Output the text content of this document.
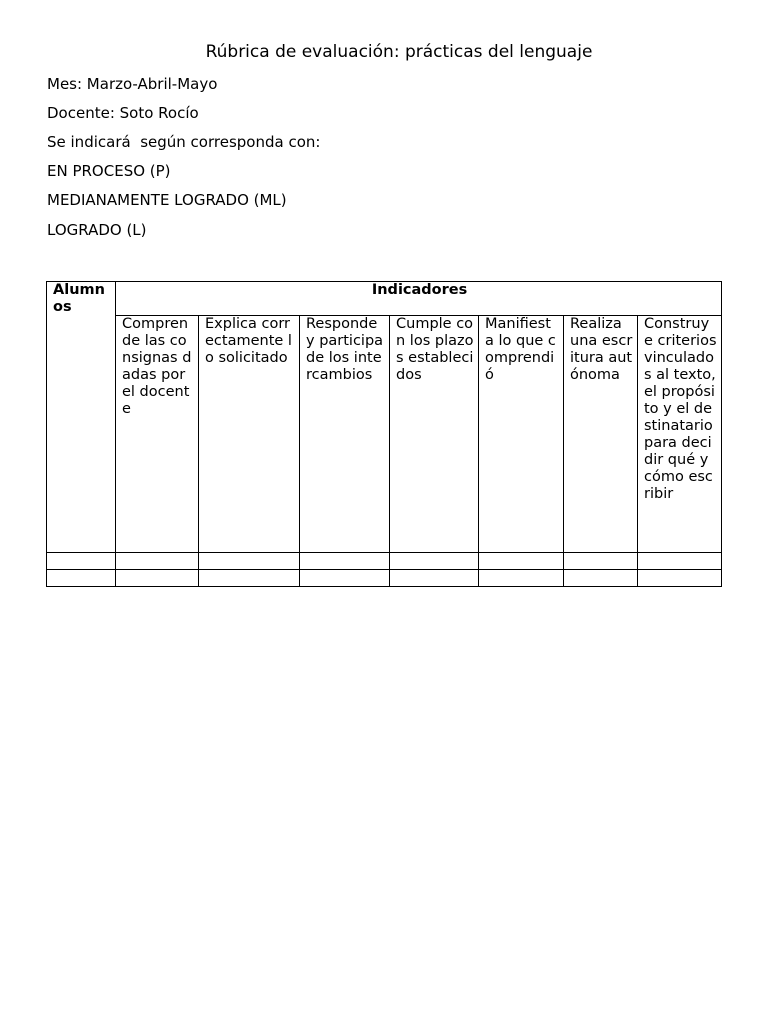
Rúbrica de evaluación: prácticas del lenguaje
Mes: Marzo-Abril-Mayo
Docente: Soto Rocío
Se indicará  según corresponda con:
EN PROCESO (P)
MEDIANAMENTE LOGRADO (ML)
LOGRADO (L)
Alumnos	Indicadores						
	Comprende las consignas dadas por el docente	Explica correctamente lo solicitado	Responde y participa de los intercambios	Cumple con los plazos establecidos	Manifiesta lo que comprendió	Realiza una escritura autónoma	Construye criterios vinculados al texto, el propósito y el destinatario para decidir qué y cómo escribir
